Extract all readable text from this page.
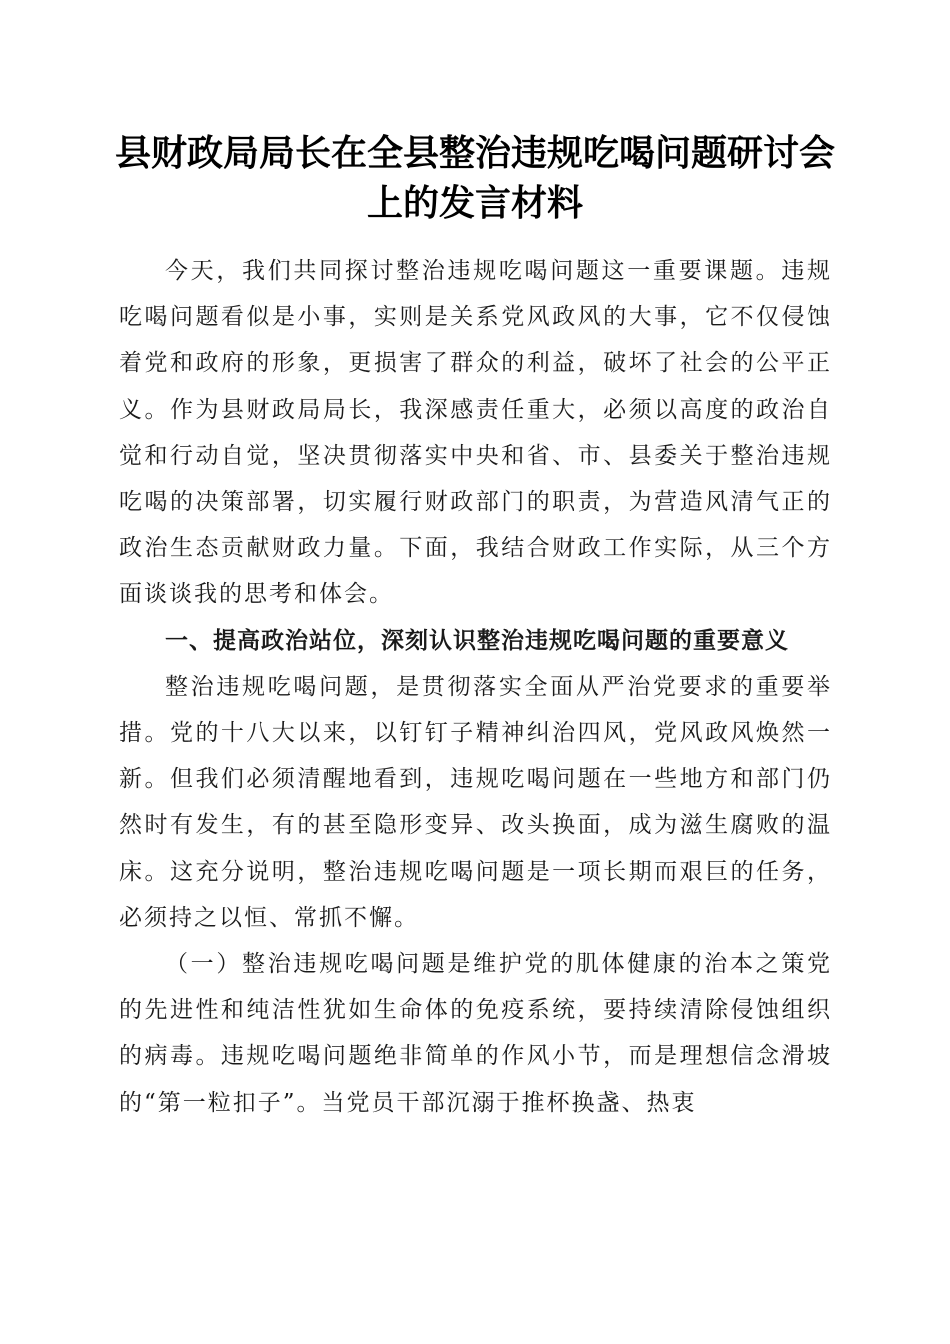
县财政局局长在全县整治违规吃喝问题研讨会上的发言材料

今天，我们共同探讨整治违规吃喝问题这一重要课题。违规吃喝问题看似是小事，实则是关系党风政风的大事，它不仅侵蚀着党和政府的形象，更损害了群众的利益，破坏了社会的公平正义。作为县财政局局长，我深感责任重大，必须以高度的政治自觉和行动自觉，坚决贯彻落实中央和省、市、县委关于整治违规吃喝的决策部署，切实履行财政部门的职责，为营造风清气正的政治生态贡献财政力量。下面，我结合财政工作实际，从三个方面谈谈我的思考和体会。

一、提高政治站位，深刻认识整治违规吃喝问题的重要意义

整治违规吃喝问题，是贯彻落实全面从严治党要求的重要举措。党的十八大以来，以钉钉子精神纠治四风，党风政风焕然一新。但我们必须清醒地看到，违规吃喝问题在一些地方和部门仍然时有发生，有的甚至隐形变异、改头换面，成为滋生腐败的温床。这充分说明，整治违规吃喝问题是一项长期而艰巨的任务，必须持之以恒、常抓不懈。

（一）整治违规吃喝问题是维护党的肌体健康的治本之策党的先进性和纯洁性犹如生命体的免疫系统，要持续清除侵蚀组织的病毒。违规吃喝问题绝非简单的作风小节，而是理想信念滑坡的“第一粒扣子”。当党员干部沉溺于推杯换盏、热衷
